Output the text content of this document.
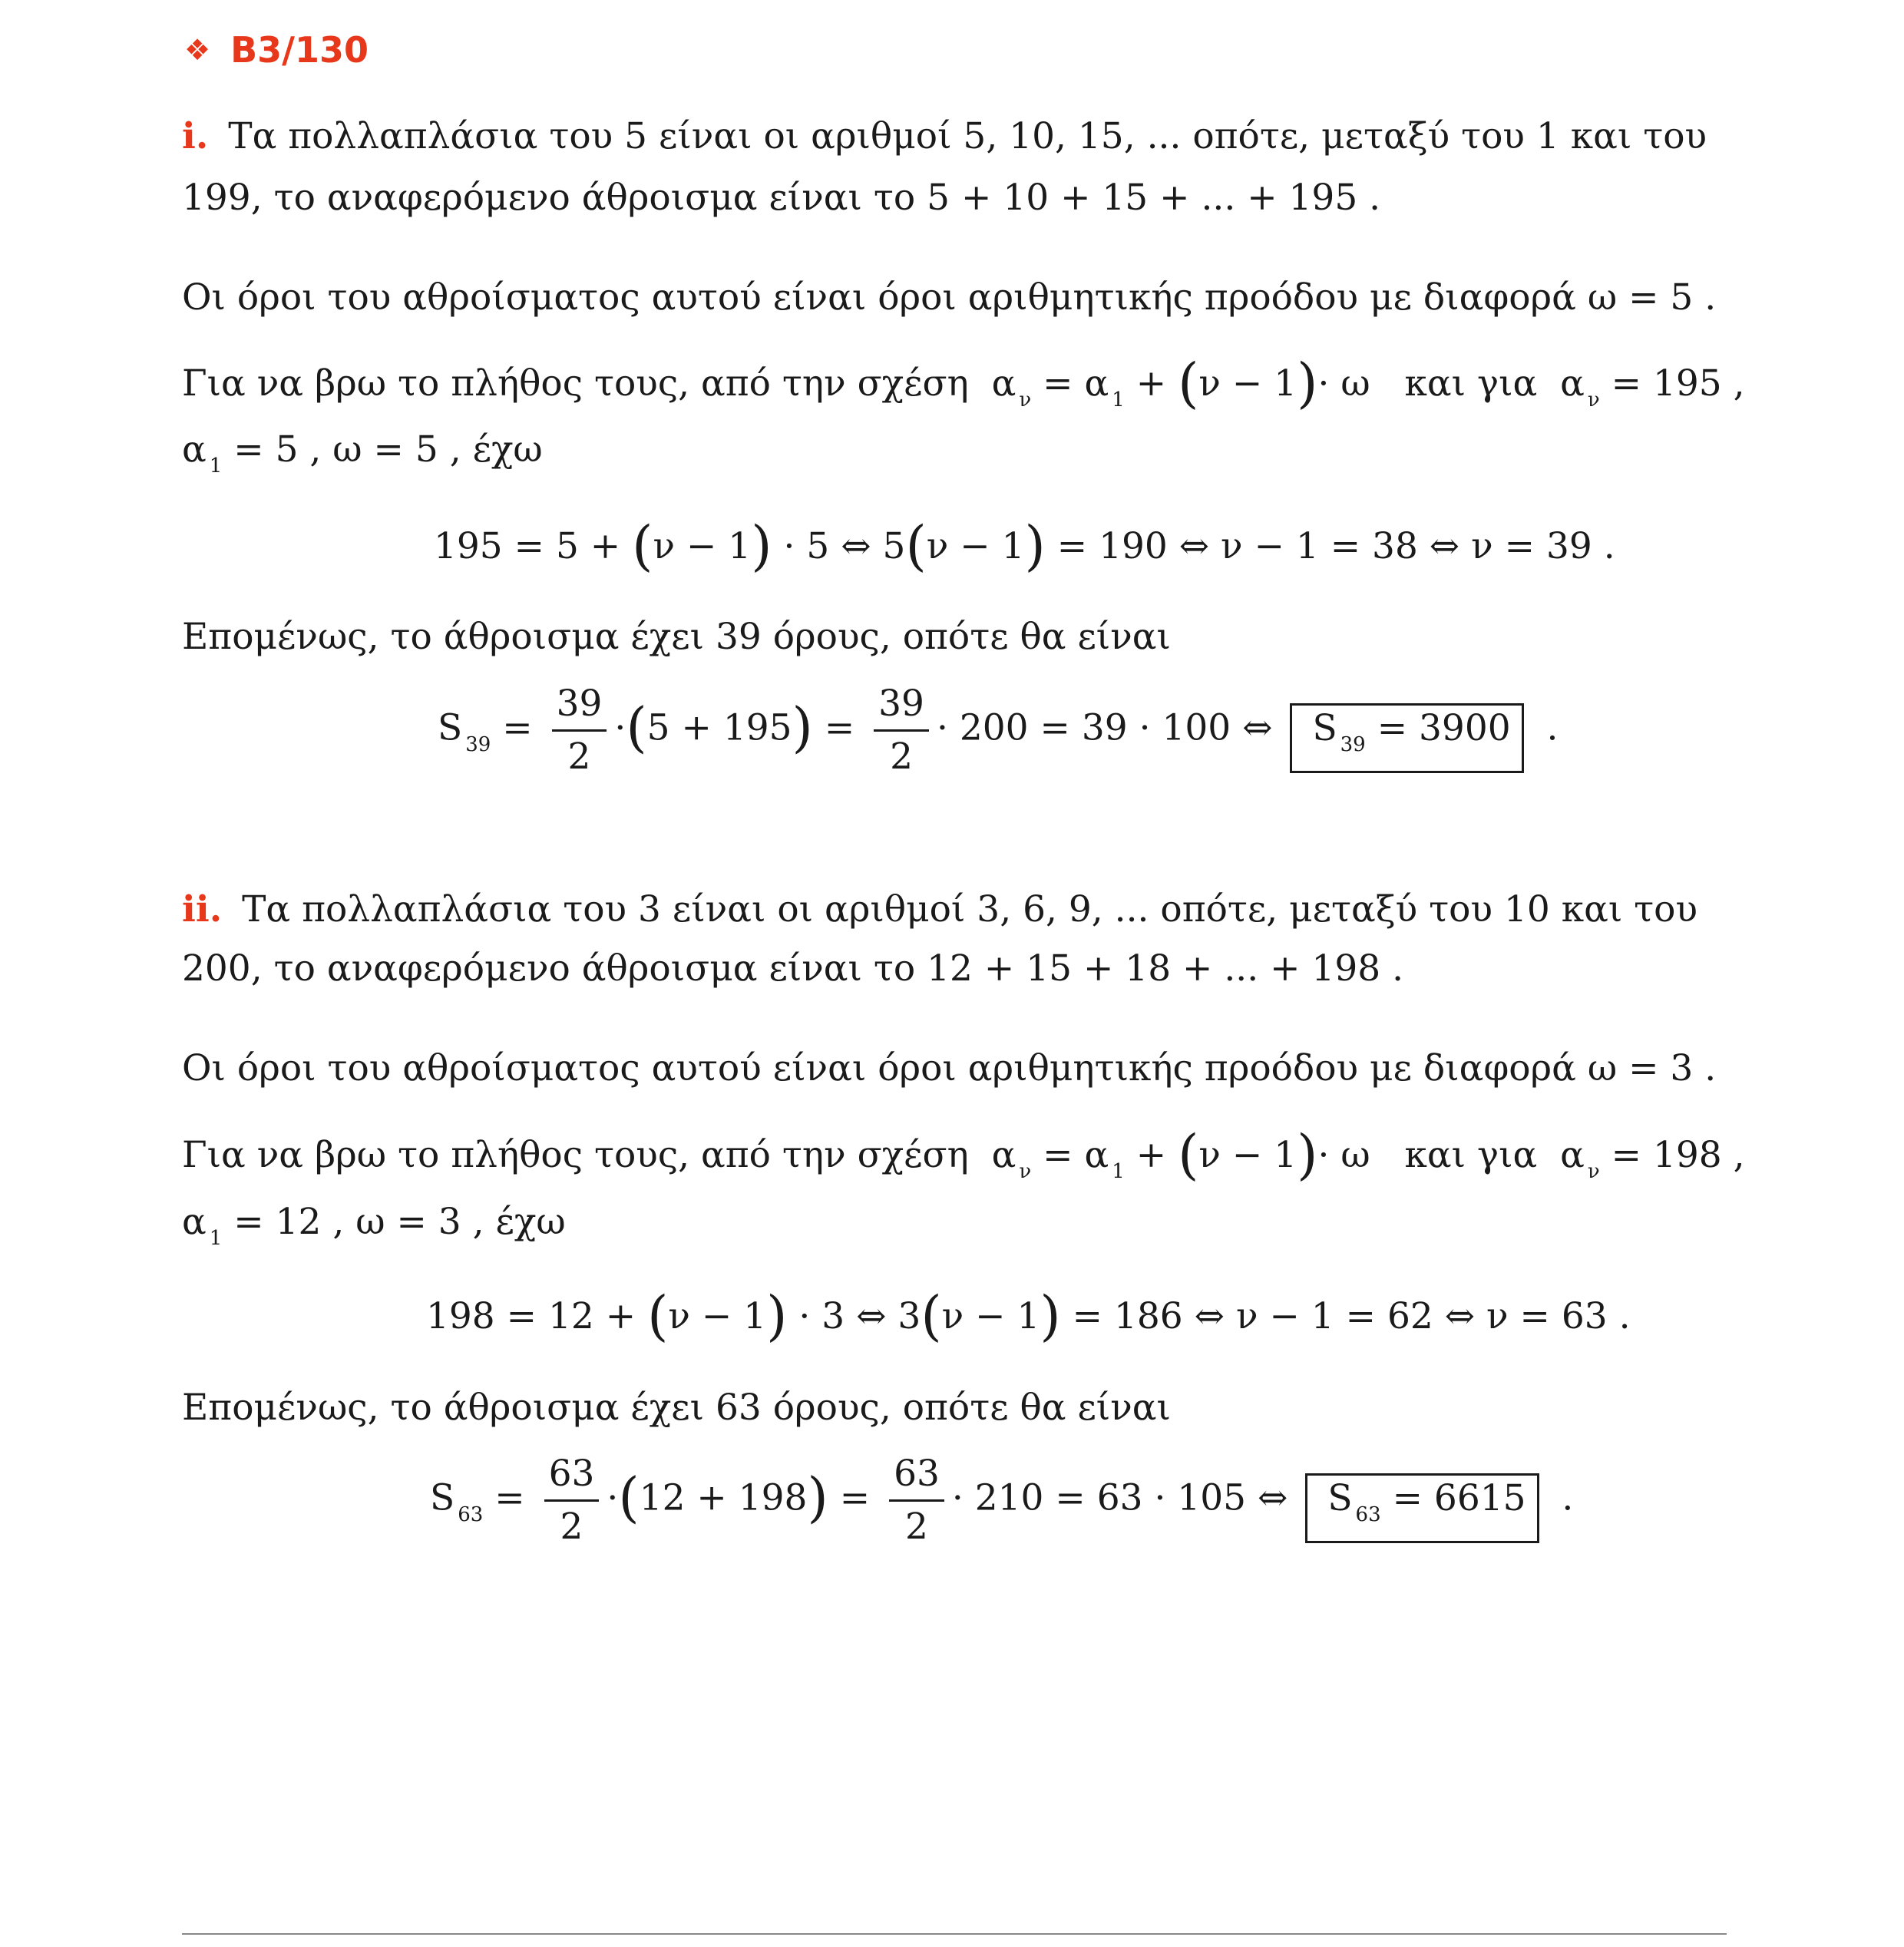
❖ B3/130
i. Τα πολλαπλάσια του 5 είναι οι αριθμοί 5, 10, 15, ... οπότε, μεταξύ του 1 και του
199, το αναφερόμενο άθροισμα είναι το 5 + 10 + 15 + ... + 195 .
Οι όροι του αθροίσματος αυτού είναι όροι αριθμητικής προόδου με διαφορά ω = 5 .
Για να βρω το πλήθος τους, από την σχέση α $_\nu$ = α $_1$ + (ν − 1)· ω και για α $_\nu$ = 195 ,
α $_1$ = 5 , ω = 5 , έχω
195 = 5 + (ν − 1) · 5 ⇔ 5(ν − 1) = 190 ⇔ ν − 1 = 38 ⇔ ν = 39 .
Επομένως, το άθροισμα έχει 39 όρους, οπότε θα είναι
S $_{39} = \frac{39}{2} \cdot(5 + 195) = \frac{39}{2} \cdot 200 = 39 \cdot 100$ ⇔ S $_{39}$ = 3900 .
ii. Τα πολλαπλάσια του 3 είναι οι αριθμοί 3, 6, 9, ... οπότε, μεταξύ του 10 και του
200, το αναφερόμενο άθροισμα είναι το 12 + 15 + 18 + ... + 198 .
Οι όροι του αθροίσματος αυτού είναι όροι αριθμητικής προόδου με διαφορά ω = 3 .
Για να βρω το πλήθος τους, από την σχέση α $_\nu$ = α $_1$ + (ν − 1)· ω και για α $_\nu$ = 198 ,
α $_1$ = 12 , ω = 3 , έχω
198 = 12 + (ν − 1) · 3 ⇔ 3(ν − 1) = 186 ⇔ ν − 1 = 62 ⇔ ν = 63 .
Επομένως, το άθροισμα έχει 63 όρους, οπότε θα είναι
S $_{63} = \frac{63}{2} \cdot(12 + 198) = \frac{63}{2} \cdot 210 = 63 \cdot 105$ ⇔ S $_{63}$ = 6615 .
